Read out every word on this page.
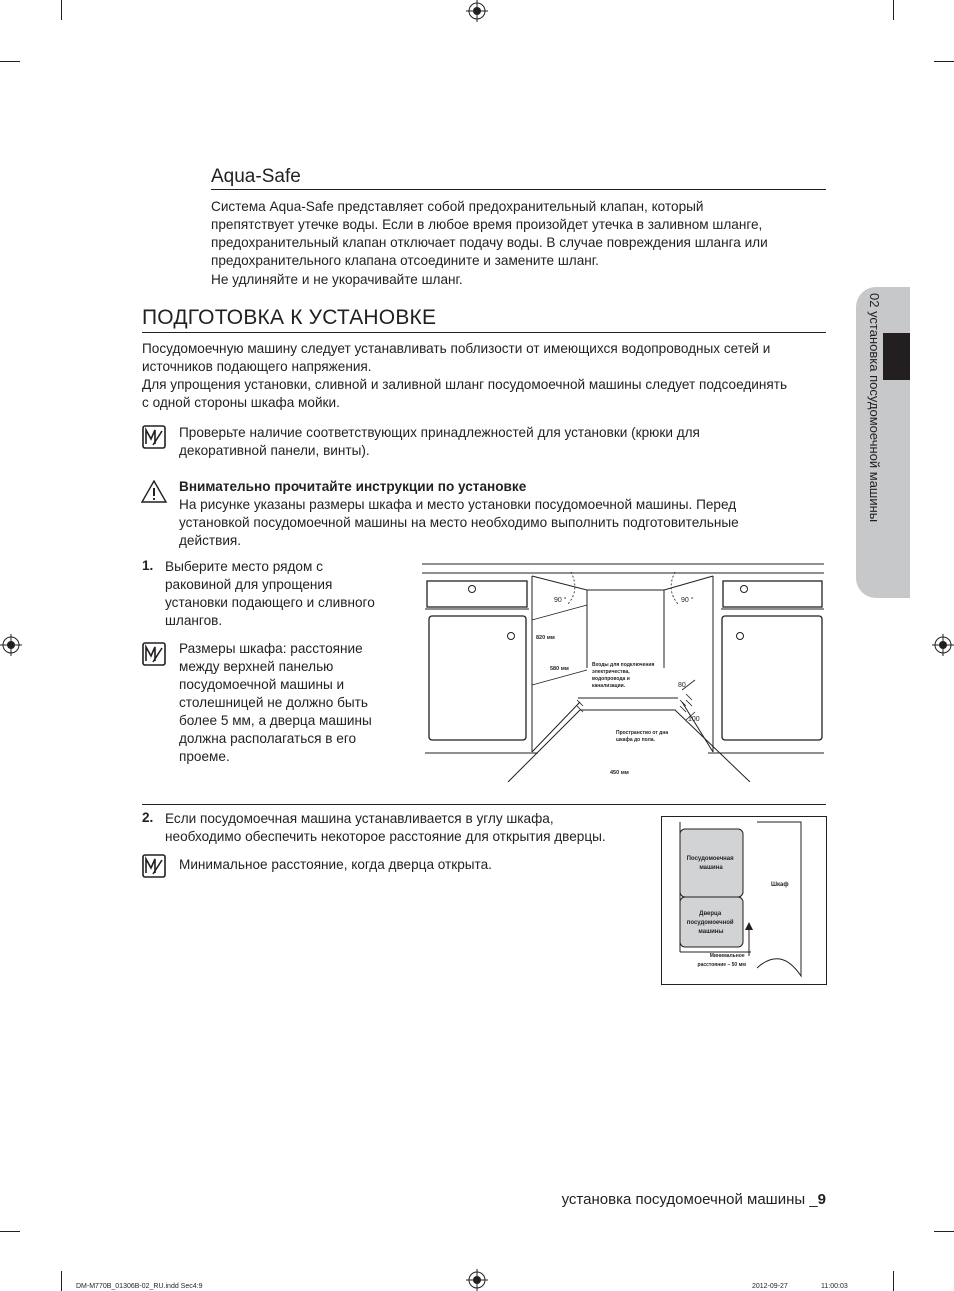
Aqua-Safe
Система Aqua-Safe представляет собой предохранительный клапан, который
препятствует утечке воды. Если в любое время произойдет утечка в заливном шланге,
предохранительный клапан отключает подачу воды. В случае повреждения шланга или
предохранительного клапана отсоедините и замените шланг.
Не удлиняйте и не укорачивайте шланг.
ПОДГОТОВКА К УСТАНОВКЕ
Посудомоечную машину следует устанавливать поблизости от имеющихся водопроводных сетей и
источников подающего напряжения.
Для упрощения установки, сливной и заливной шланг посудомоечной машины следует подсоединять
с одной стороны шкафа мойки.
Проверьте наличие соответствующих принадлежностей для установки (крюки для
декоративной панели, винты).
Внимательно прочитайте инструкции по установке
На рисунке указаны размеры шкафа и место установки посудомоечной машины. Перед
установкой посудомоечной машины на место необходимо выполнить подготовительные
действия.
1. Выберите место рядом с
раковиной для упрощения
установки подающего и сливного
шлангов.
Размеры шкафа: расстояние
между верхней панелью
посудомоечной машины и
столешницей не должно быть
более 5 мм, а дверца машины
должна располагаться в его
проеме.
90 °	90 °
820 мм
580 мм
Входы для подключения электричества, водопровода и канализации.	80
100
Пространство от дна шкафа до пола.
450 мм
2. Если посудомоечная машина устанавливается в углу шкафа,
необходимо обеспечить некоторое расстояние для открытия дверцы.
Минимальное расстояние, когда дверца открыта.	Посудомоечная машина
Шкаф
Дверца посудомоечной машины
Минимальное расстояние – 50 мм
02 установка посудомоечной машины
установка посудомоечной машины _9
DM-M770B_01306B-02_RU.indd Sec4:9	2012-09-27	11:00:03
